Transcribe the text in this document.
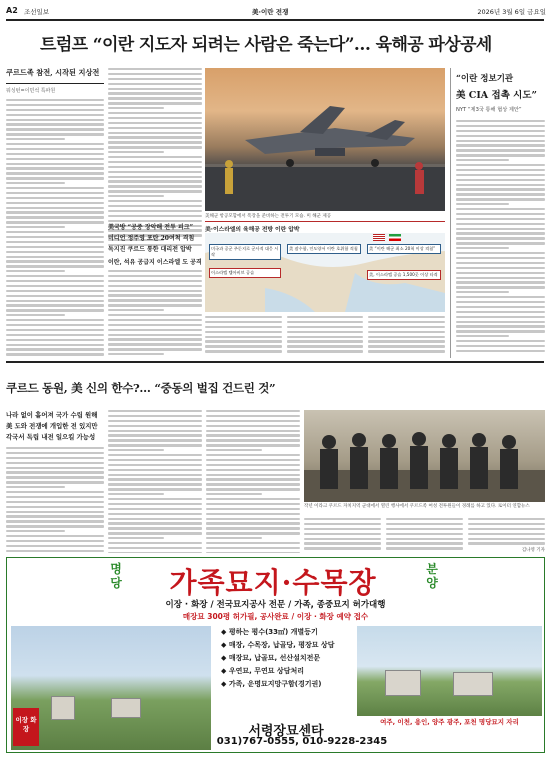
A2 조선일보	美·이란 전쟁	2026년 3월 6일 금요일
트럼프 “이란 지도자 되려는 사람은 죽는다”… 육해공 파상공세
쿠르드족 참전, 시작된 지상전
워싱턴=이민석 특파원
美해군 항공모함에서 폭장을 준비하는 전투기 모습. 미 해군 제공
美국방 “공중 장악해 전투 피크”
미디언 정주영 포탄 20여척 격침
독지진 쿠르드 통한 대리전 압박
이란, 석유 공급지 이스라엘 도 공격
美·이스라엘의 육해공 전방 이란 압박
미국과 공군 주둔지로 군사적 대응 시작
美 잠수함, 인도양서 이란 호위함 격침	美 “이란 해군 최소 20척 이상 격침”
이스라엘 텔아비브 공습	美, 이스라엘 공습 1,500곳 이상 타격
“이란 정보기관
美 CIA 접촉 시도”
NYT “제3국 통해 협상 제안”
쿠르드 동원, 美 신의 한수?… “중동의 벌집 건드린 것”
나라 없이 흩어져 국가 수립 원해
美 도와 전쟁에 개입한 전 있지만
각국서 독립 내전 일으킬 가능성
작년 이라크 쿠르드 자치지역 군대에서 열린 행사에서 쿠르드족 여성 전투원들이 경례를 하고 있다. 로이터 연합뉴스
김나영 기자
명
당	가족묘지·수목장	분
양
이장 · 화장 / 전국묘지공사 전문 / 가족, 종중묘지 허가대행
매장묘 300평 허가필, 공사완료 / 이장 · 화장 예약 접수
이장 화장
◆ 평하는 평수(33㎡) 개별등기
◆ 매장, 수목장, 납골당, 평장묘 상담
◆ 매장묘, 납골묘, 선산설치전문
◆ 우연묘, 무연묘 상담처리
◆ 가족, 운명묘지망구함(경기권)
서령장묘센타
031)767-0555, 010-9228-2345
여주, 이천, 용인, 양주 광주, 포천 명당묘지 자리
